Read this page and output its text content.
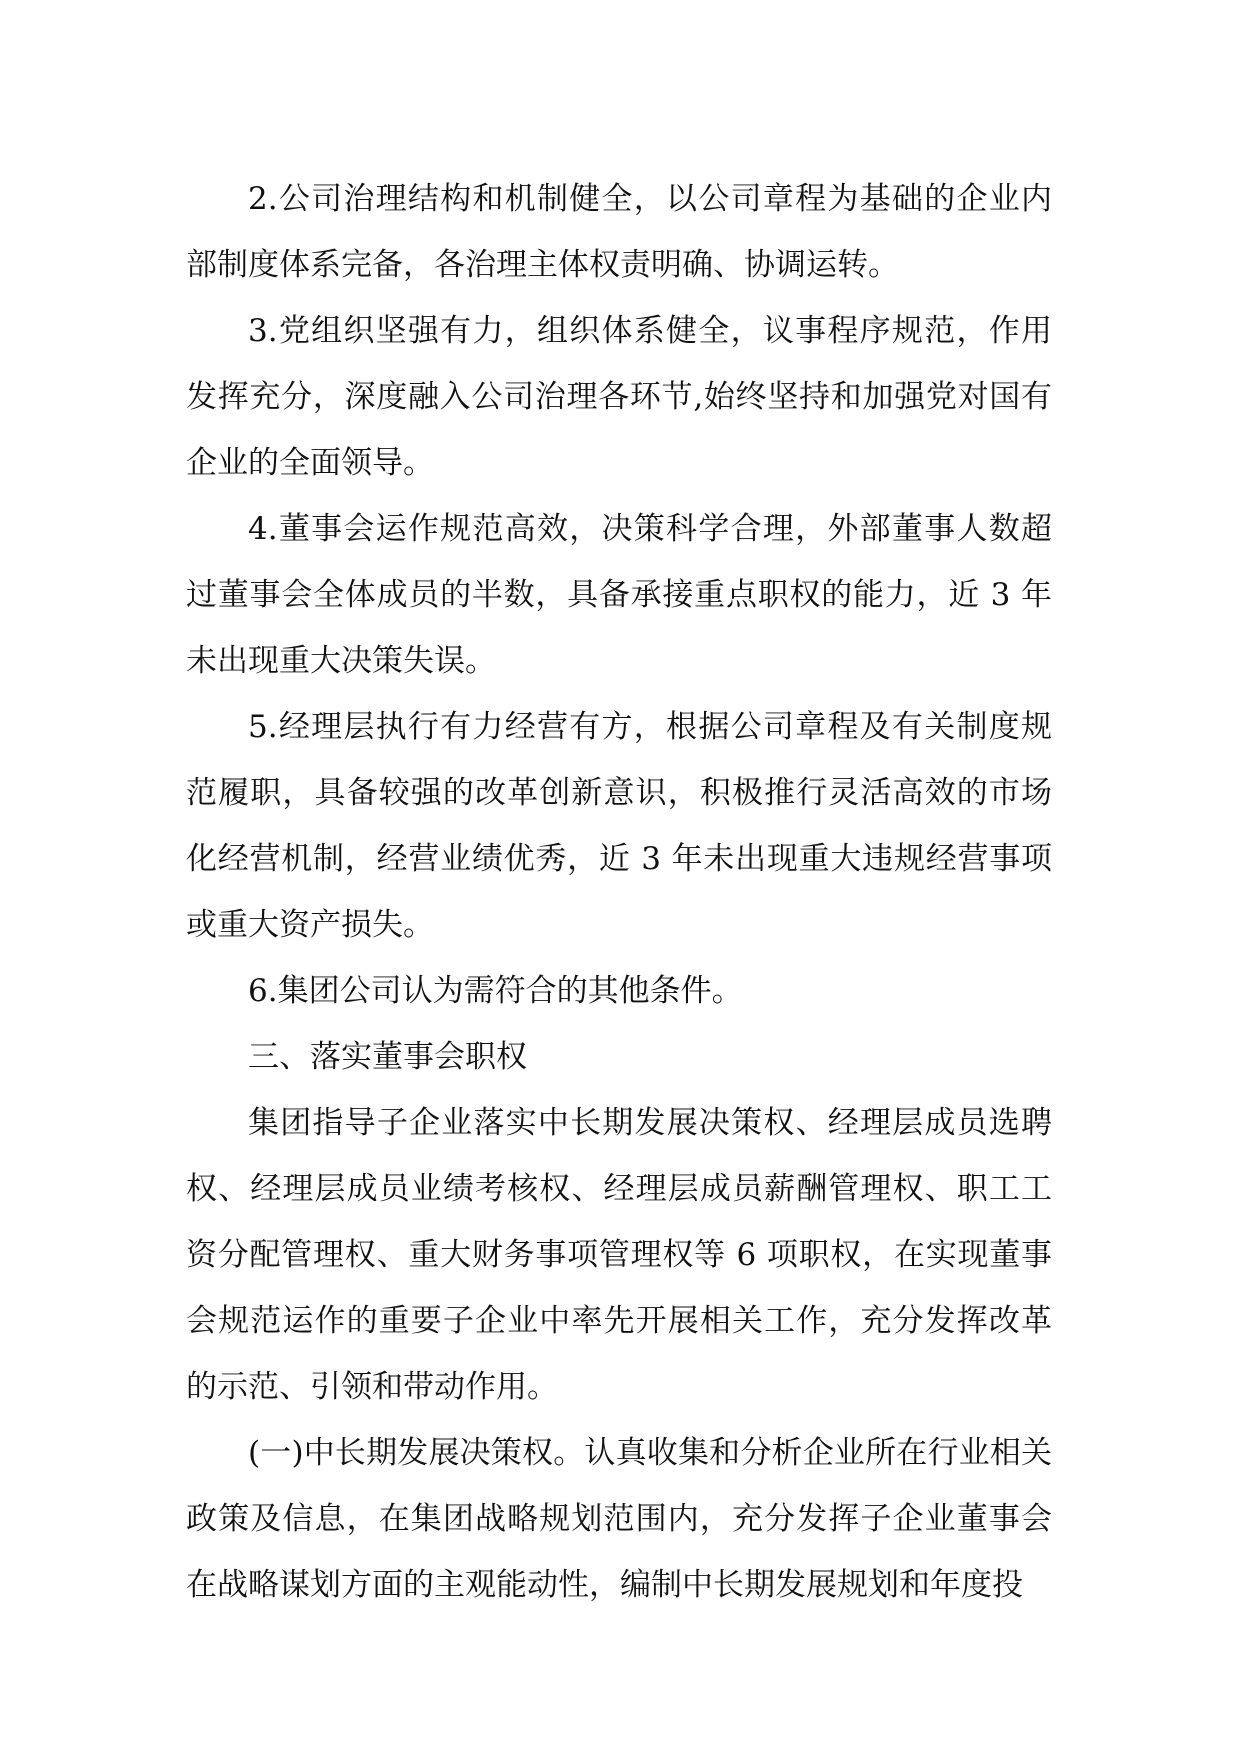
2.公司治理结构和机制健全，以公司章程为基础的企业内部制度体系完备，各治理主体权责明确、协调运转。

3.党组织坚强有力，组织体系健全，议事程序规范，作用发挥充分，深度融入公司治理各环节,始终坚持和加强党对国有企业的全面领导。

4.董事会运作规范高效，决策科学合理，外部董事人数超过董事会全体成员的半数，具备承接重点职权的能力，近 3 年未出现重大决策失误。

5.经理层执行有力经营有方，根据公司章程及有关制度规范履职，具备较强的改革创新意识，积极推行灵活高效的市场化经营机制，经营业绩优秀，近 3 年未出现重大违规经营事项或重大资产损失。

6.集团公司认为需符合的其他条件。

三、落实董事会职权

集团指导子企业落实中长期发展决策权、经理层成员选聘权、经理层成员业绩考核权、经理层成员薪酬管理权、职工工资分配管理权、重大财务事项管理权等 6 项职权，在实现董事会规范运作的重要子企业中率先开展相关工作，充分发挥改革的示范、引领和带动作用。

(一)中长期发展决策权。认真收集和分析企业所在行业相关政策及信息，在集团战略规划范围内，充分发挥子企业董事会在战略谋划方面的主观能动性，编制中长期发展规划和年度投
